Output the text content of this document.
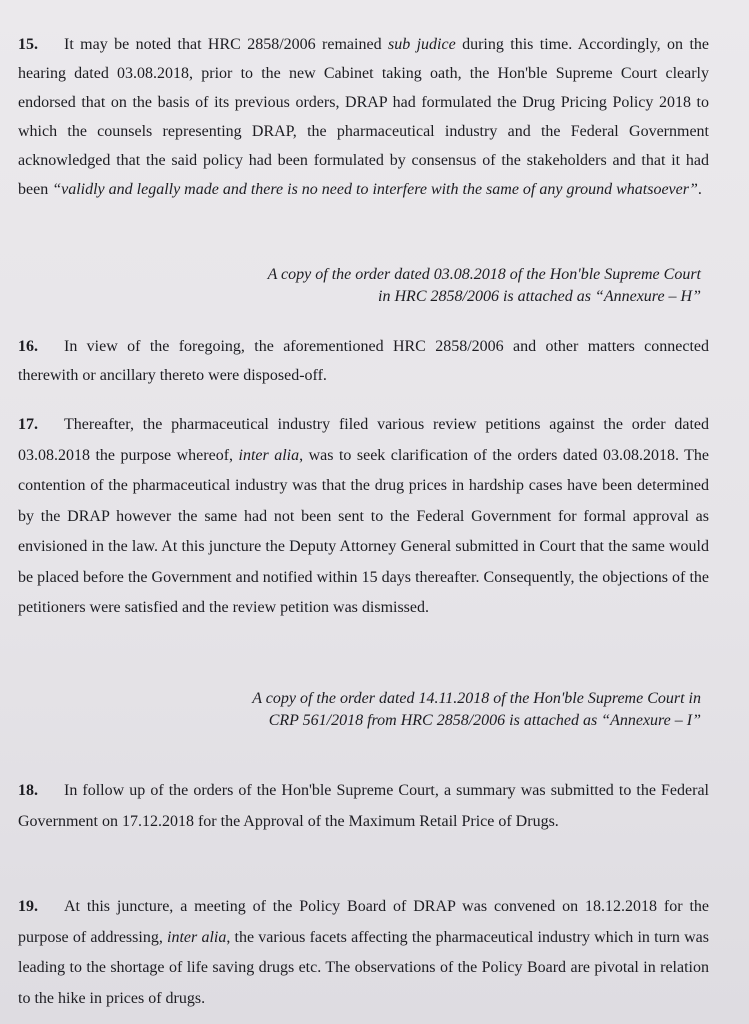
15. It may be noted that HRC 2858/2006 remained sub judice during this time. Accordingly, on the hearing dated 03.08.2018, prior to the new Cabinet taking oath, the Hon'ble Supreme Court clearly endorsed that on the basis of its previous orders, DRAP had formulated the Drug Pricing Policy 2018 to which the counsels representing DRAP, the pharmaceutical industry and the Federal Government acknowledged that the said policy had been formulated by consensus of the stakeholders and that it had been “validly and legally made and there is no need to interfere with the same of any ground whatsoever”.
A copy of the order dated 03.08.2018 of the Hon'ble Supreme Court
in HRC 2858/2006 is attached as “Annexure – H”
16. In view of the foregoing, the aforementioned HRC 2858/2006 and other matters connected therewith or ancillary thereto were disposed-off.
17. Thereafter, the pharmaceutical industry filed various review petitions against the order dated 03.08.2018 the purpose whereof, inter alia, was to seek clarification of the orders dated 03.08.2018. The contention of the pharmaceutical industry was that the drug prices in hardship cases have been determined by the DRAP however the same had not been sent to the Federal Government for formal approval as envisioned in the law. At this juncture the Deputy Attorney General submitted in Court that the same would be placed before the Government and notified within 15 days thereafter. Consequently, the objections of the petitioners were satisfied and the review petition was dismissed.
A copy of the order dated 14.11.2018 of the Hon'ble Supreme Court in
CRP 561/2018 from HRC 2858/2006 is attached as “Annexure – I”
18. In follow up of the orders of the Hon'ble Supreme Court, a summary was submitted to the Federal Government on 17.12.2018 for the Approval of the Maximum Retail Price of Drugs.
19. At this juncture, a meeting of the Policy Board of DRAP was convened on 18.12.2018 for the purpose of addressing, inter alia, the various facets affecting the pharmaceutical industry which in turn was leading to the shortage of life saving drugs etc. The observations of the Policy Board are pivotal in relation to the hike in prices of drugs.
